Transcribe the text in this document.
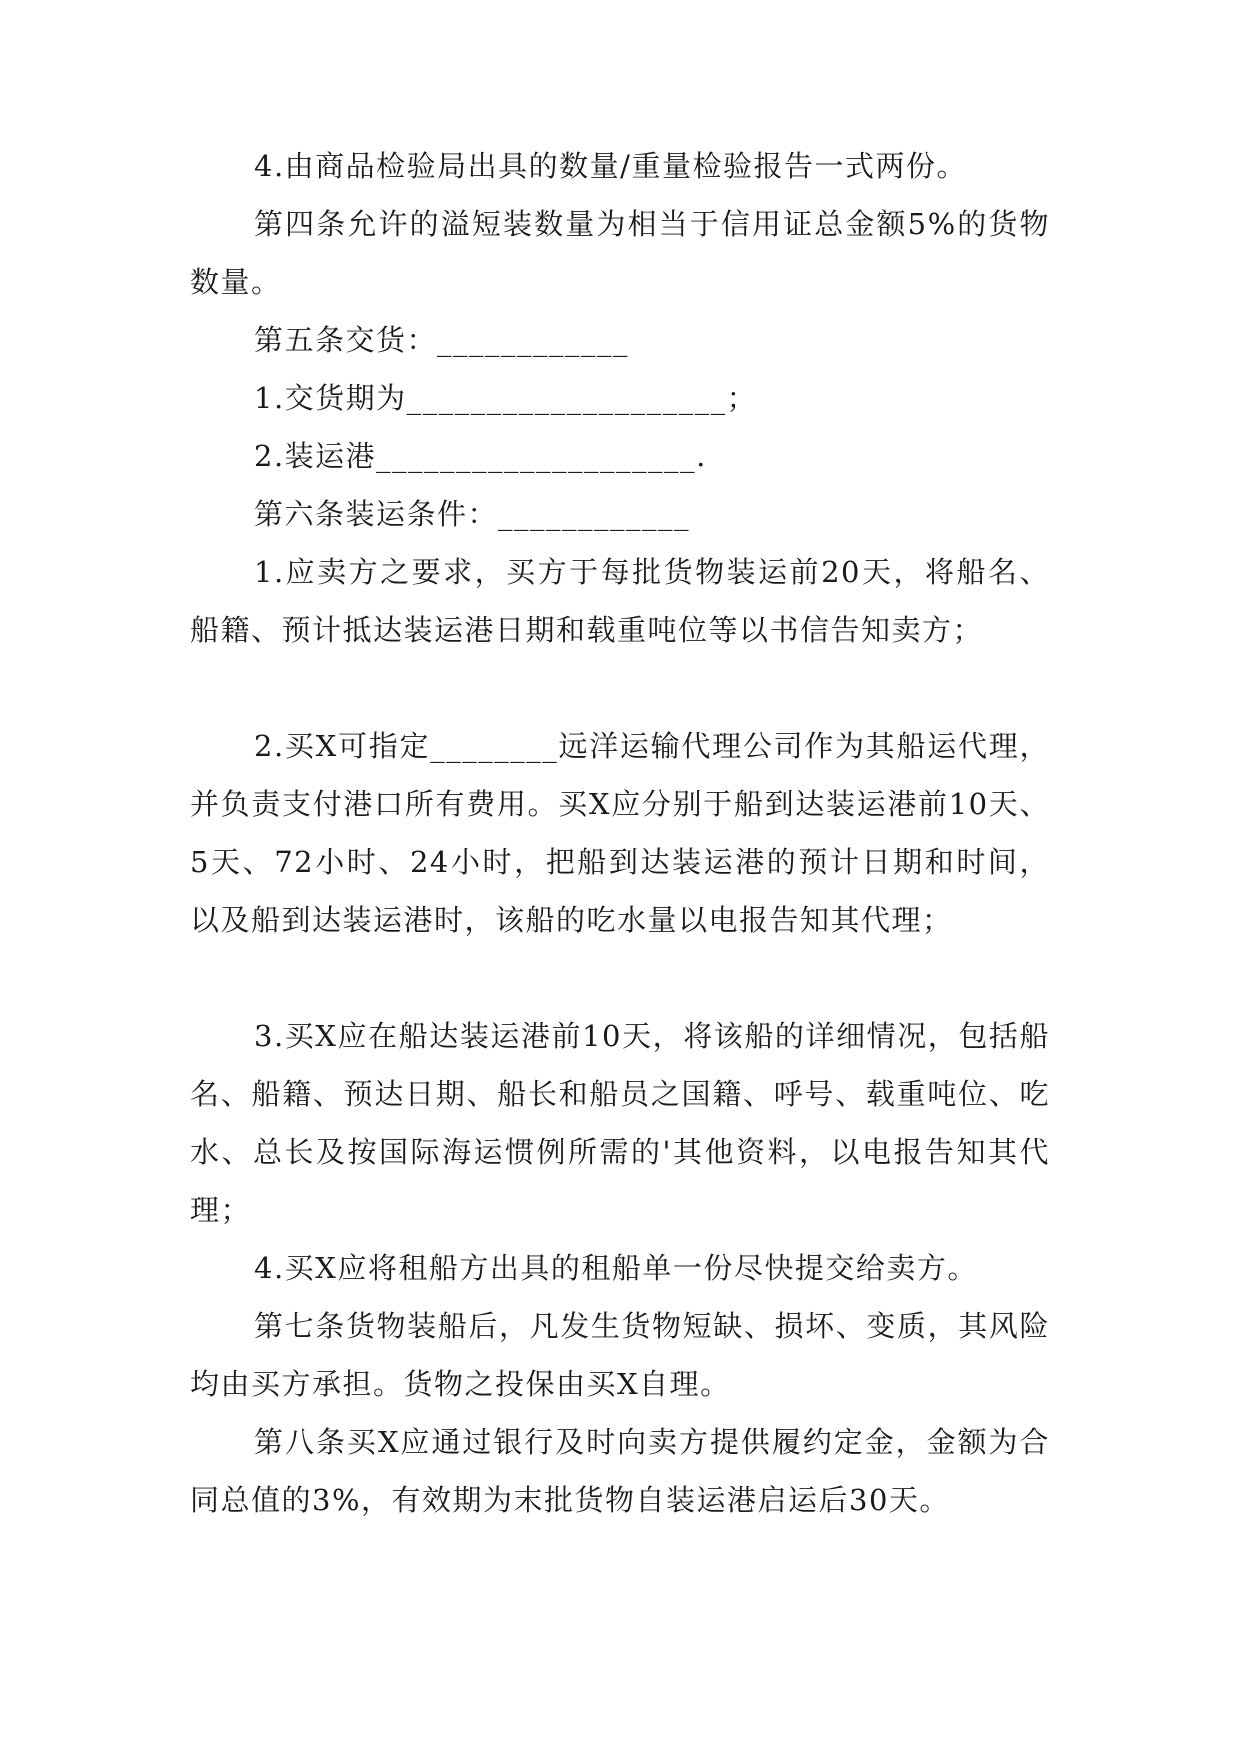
4.由商品检验局出具的数量/重量检验报告一式两份。

第四条允许的溢短装数量为相当于信用证总金额5%的货物数量。

第五条交货：____________

1.交货期为____________________；

2.装运港____________________.

第六条装运条件：____________

1.应卖方之要求，买方于每批货物装运前20天，将船名、船籍、预计抵达装运港日期和载重吨位等以书信告知卖方；

2.买X可指定________远洋运输代理公司作为其船运代理，并负责支付港口所有费用。买X应分别于船到达装运港前10天、5天、72小时、24小时，把船到达装运港的预计日期和时间，以及船到达装运港时，该船的吃水量以电报告知其代理；

3.买X应在船达装运港前10天，将该船的详细情况，包括船名、船籍、预达日期、船长和船员之国籍、呼号、载重吨位、吃水、总长及按国际海运惯例所需的'其他资料，以电报告知其代理；

4.买X应将租船方出具的租船单一份尽快提交给卖方。

第七条货物装船后，凡发生货物短缺、损坏、变质，其风险均由买方承担。货物之投保由买X自理。

第八条买X应通过银行及时向卖方提供履约定金，金额为合同总值的3%，有效期为末批货物自装运港启运后30天。
